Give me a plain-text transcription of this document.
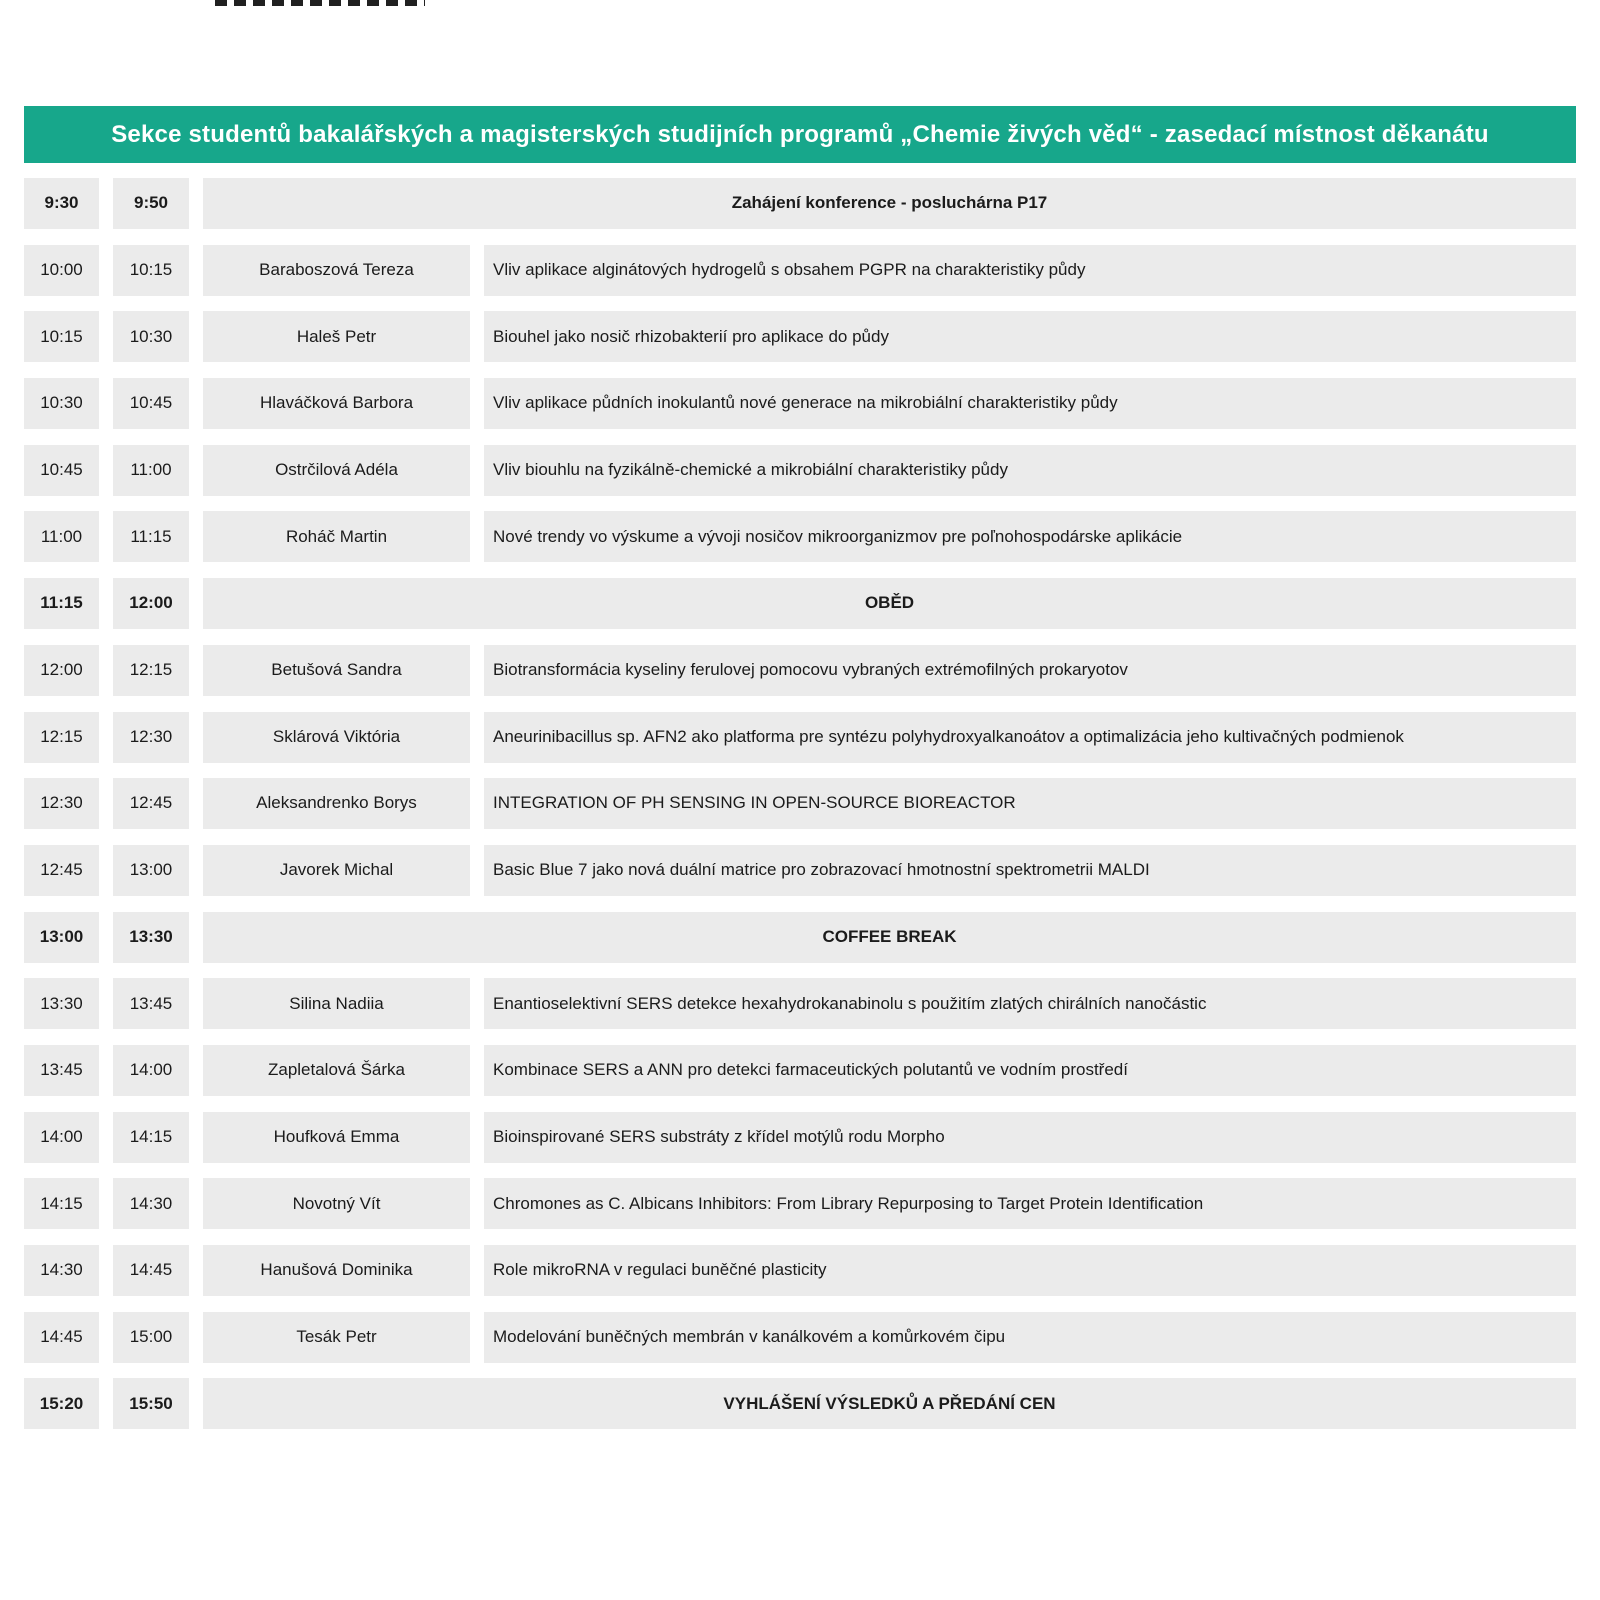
Sekce studentů bakalářských a magisterských studijních programů „Chemie živých věd“ - zasedací místnost děkanátu
9:30	9:50	Zahájení konference - posluchárna P17
10:00	10:15	Baraboszová Tereza	Vliv aplikace alginátových hydrogelů s obsahem PGPR na charakteristiky půdy
10:15	10:30	Haleš Petr	Biouhel jako nosič rhizobakterií pro aplikace do půdy
10:30	10:45	Hlaváčková Barbora	Vliv aplikace půdních inokulantů nové generace na mikrobiální charakteristiky půdy
10:45	11:00	Ostrčilová Adéla	Vliv biouhlu na fyzikálně-chemické a mikrobiální charakteristiky půdy
11:00	11:15	Roháč Martin	Nové trendy vo výskume a vývoji nosičov mikroorganizmov pre poľnohospodárske aplikácie
11:15	12:00	OBĚD
12:00	12:15	Betušová Sandra	Biotransformácia kyseliny ferulovej pomocovu vybraných extrémofilných prokaryotov
12:15	12:30	Sklárová Viktória	Aneurinibacillus sp. AFN2 ako platforma pre syntézu polyhydroxyalkanoátov a optimalizácia jeho kultivačných podmienok
12:30	12:45	Aleksandrenko Borys	INTEGRATION OF PH SENSING IN OPEN-SOURCE BIOREACTOR
12:45	13:00	Javorek Michal	Basic Blue 7 jako nová duální matrice pro zobrazovací hmotnostní spektrometrii MALDI
13:00	13:30	COFFEE BREAK
13:30	13:45	Silina Nadiia	Enantioselektivní SERS detekce hexahydrokanabinolu s použitím zlatých chirálních nanočástic
13:45	14:00	Zapletalová Šárka	Kombinace SERS a ANN pro detekci farmaceutických polutantů ve vodním prostředí
14:00	14:15	Houfková Emma	Bioinspirované SERS substráty z křídel motýlů rodu Morpho
14:15	14:30	Novotný Vít	Chromones as C. Albicans Inhibitors: From Library Repurposing to Target Protein Identification
14:30	14:45	Hanušová Dominika	Role mikroRNA v regulaci buněčné plasticity
14:45	15:00	Tesák Petr	Modelování buněčných membrán v kanálkovém a komůrkovém čipu
15:20	15:50	VYHLÁŠENÍ VÝSLEDKŮ A PŘEDÁNÍ CEN
